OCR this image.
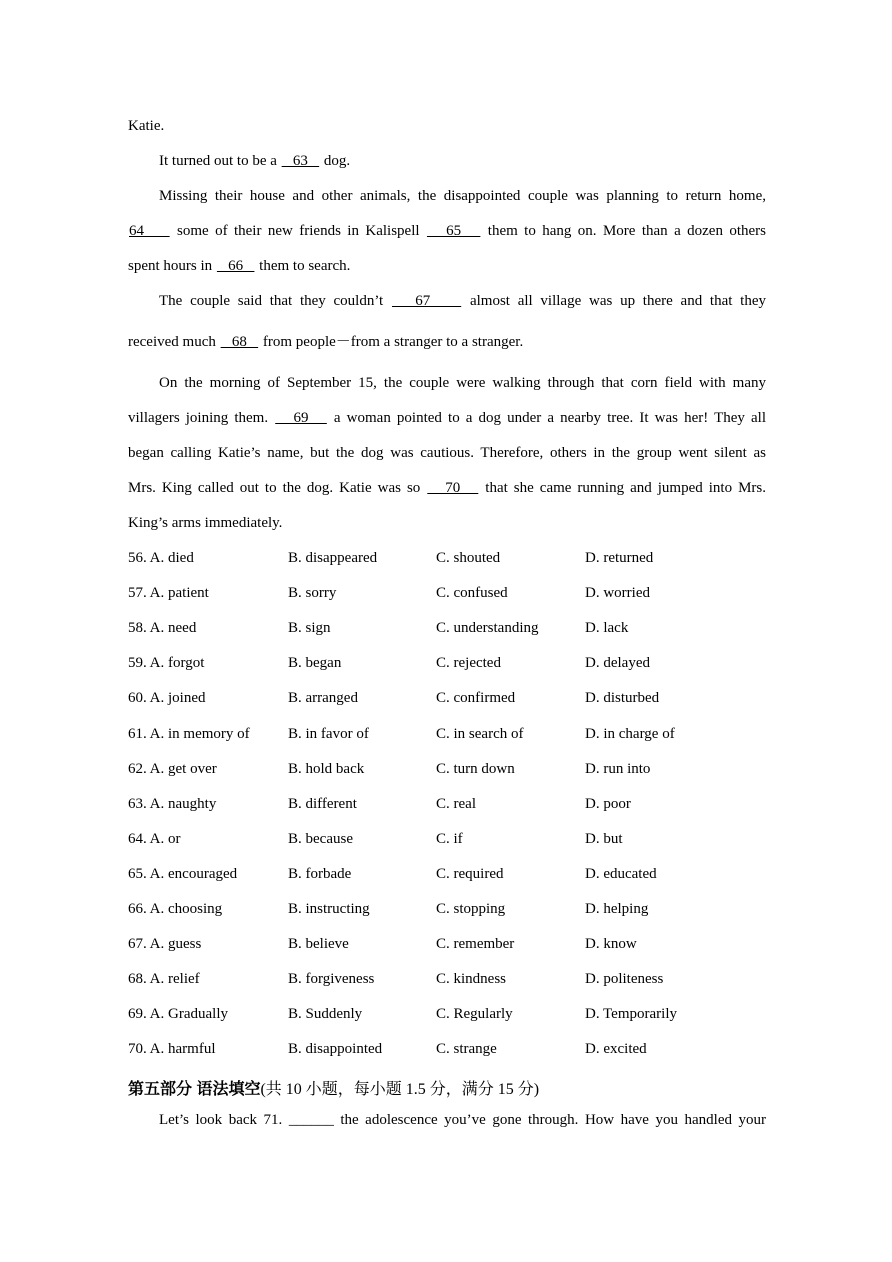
Katie.
It turned out to be a    63    dog.
Missing their house and other animals, the disappointed couple was planning to return home,
64     some of their new friends in Kalispell    65    them to hang on. More than a dozen others
spent hours in    66    them to search.
The couple said that they couldn’t    67     almost all village was up there and that they
received much    68    from people－from a stranger to a stranger.
On the morning of September 15, the couple were walking through that corn field with many
villagers joining them.    69    a woman pointed to a dog under a nearby tree. It was her! They all
began calling Katie’s name, but the dog was cautious. Therefore, others in the group went silent as
Mrs. King called out to the dog. Katie was so    70    that she came running and jumped into Mrs.
King’s arms immediately.
56. A. died	B. disappeared	C. shouted	D. returned
57. A. patient	B. sorry	C. confused	D. worried
58. A. need	B. sign	C. understanding	D. lack
59. A. forgot	B. began	C. rejected	D. delayed
60. A. joined	B. arranged	C. confirmed	D. disturbed
61. A. in memory of	B. in favor of	C. in search of	D. in charge of
62. A. get over	B. hold back	C. turn down	D. run into
63. A. naughty	B. different	C. real	D. poor
64. A. or	B. because	C. if	D. but
65. A. encouraged	B. forbade	C. required	D. educated
66. A. choosing	B. instructing	C. stopping	D. helping
67. A. guess	B. believe	C. remember	D. know
68. A. relief	B. forgiveness	C. kindness	D. politeness
69. A. Gradually	B. Suddenly	C. Regularly	D. Temporarily
70. A. harmful	B. disappointed	C. strange	D. excited
第五部分 语法填空(共 10 小题，每小题 1.5 分，满分 15 分)
Let’s look back 71. ______ the adolescence you’ve gone through. How have you handled your
